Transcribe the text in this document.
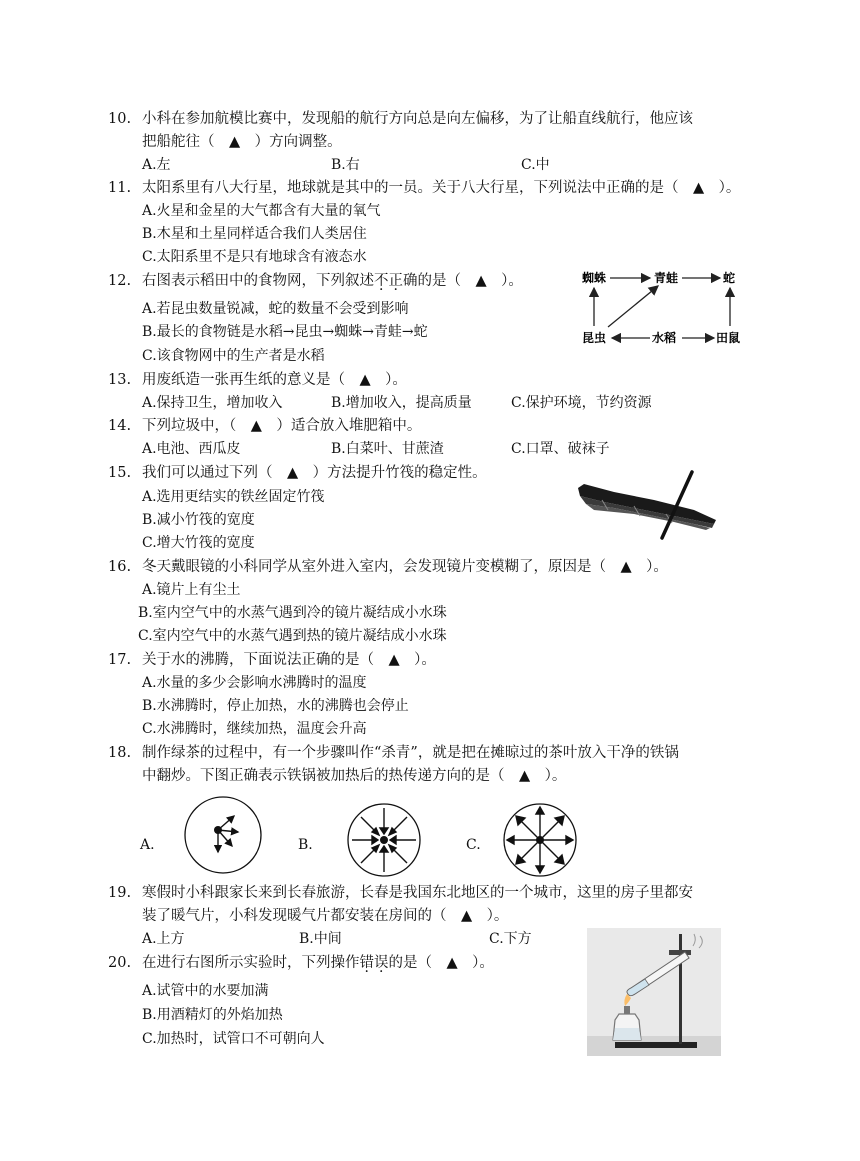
10. 小科在参加航模比赛中，发现船的航行方向总是向左偏移，为了让船直线航行，他应该
把船舵往（　▲　）方向调整。
A.左	B.右	C.中
11. 太阳系里有八大行星，地球就是其中的一员。关于八大行星，下列说法中正确的是（　▲　）。
A.火星和金星的大气都含有大量的氧气
B.木星和土星同样适合我们人类居住
C.太阳系里不是只有地球含有液态水
12. 右图表示稻田中的食物网，下列叙述不正确的是（　▲　）。
A.若昆虫数量锐减，蛇的数量不会受到影响
B.最长的食物链是水稻→昆虫→蜘蛛→青蛙→蛇
C.该食物网中的生产者是水稻
蜘蛛	青蛙	蛇
昆虫	水稻	田鼠
13. 用废纸造一张再生纸的意义是（　▲　）。
A.保持卫生，增加收入	B.增加收入，提高质量	C.保护环境，节约资源
14. 下列垃圾中，（　▲　）适合放入堆肥箱中。
A.电池、西瓜皮	B.白菜叶、甘蔗渣	C.口罩、破袜子
15. 我们可以通过下列（　▲　）方法提升竹筏的稳定性。
A.选用更结实的铁丝固定竹筏
B.减小竹筏的宽度
C.增大竹筏的宽度
16. 冬天戴眼镜的小科同学从室外进入室内，会发现镜片变模糊了，原因是（　▲　）。
A.镜片上有尘土
B.室内空气中的水蒸气遇到冷的镜片凝结成小水珠
C.室内空气中的水蒸气遇到热的镜片凝结成小水珠
17. 关于水的沸腾，下面说法正确的是（　▲　）。
A.水量的多少会影响水沸腾时的温度
B.水沸腾时，停止加热，水的沸腾也会停止
C.水沸腾时，继续加热，温度会升高
18. 制作绿茶的过程中，有一个步骤叫作“杀青”，就是把在摊晾过的茶叶放入干净的铁锅
中翻炒。下图正确表示铁锅被加热后的热传递方向的是（　▲　）。
A.	B.	C.
19. 寒假时小科跟家长来到长春旅游，长春是我国东北地区的一个城市，这里的房子里都安
装了暖气片，小科发现暖气片都安装在房间的（　▲　）。
A.上方	B.中间	C.下方
20. 在进行右图所示实验时，下列操作错误的是（　▲　）。
A.试管中的水要加满
B.用酒精灯的外焰加热
C.加热时，试管口不可朝向人
